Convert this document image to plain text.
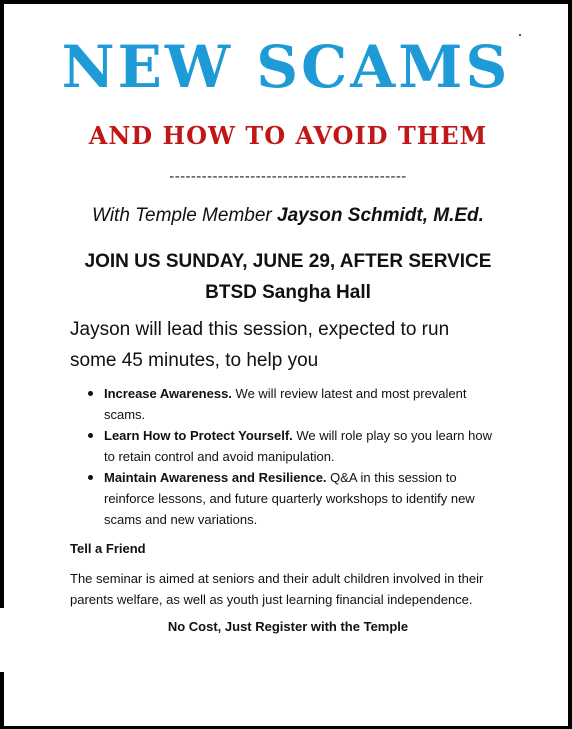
NEW SCAMS
AND HOW TO AVOID THEM
--------------------------------------------
With Temple Member Jayson Schmidt, M.Ed.
JOIN US SUNDAY, JUNE 29, AFTER SERVICE
BTSD Sangha Hall
Jayson will lead this session, expected to run some 45 minutes, to help you
Increase Awareness. We will review latest and most prevalent scams.
Learn How to Protect Yourself. We will role play so you learn how to retain control and avoid manipulation.
Maintain Awareness and Resilience. Q&A in this session to reinforce lessons, and future quarterly workshops to identify new scams and new variations.
Tell a Friend
The seminar is aimed at seniors and their adult children involved in their parents welfare, as well as youth just learning financial independence.
No Cost, Just Register with the Temple
